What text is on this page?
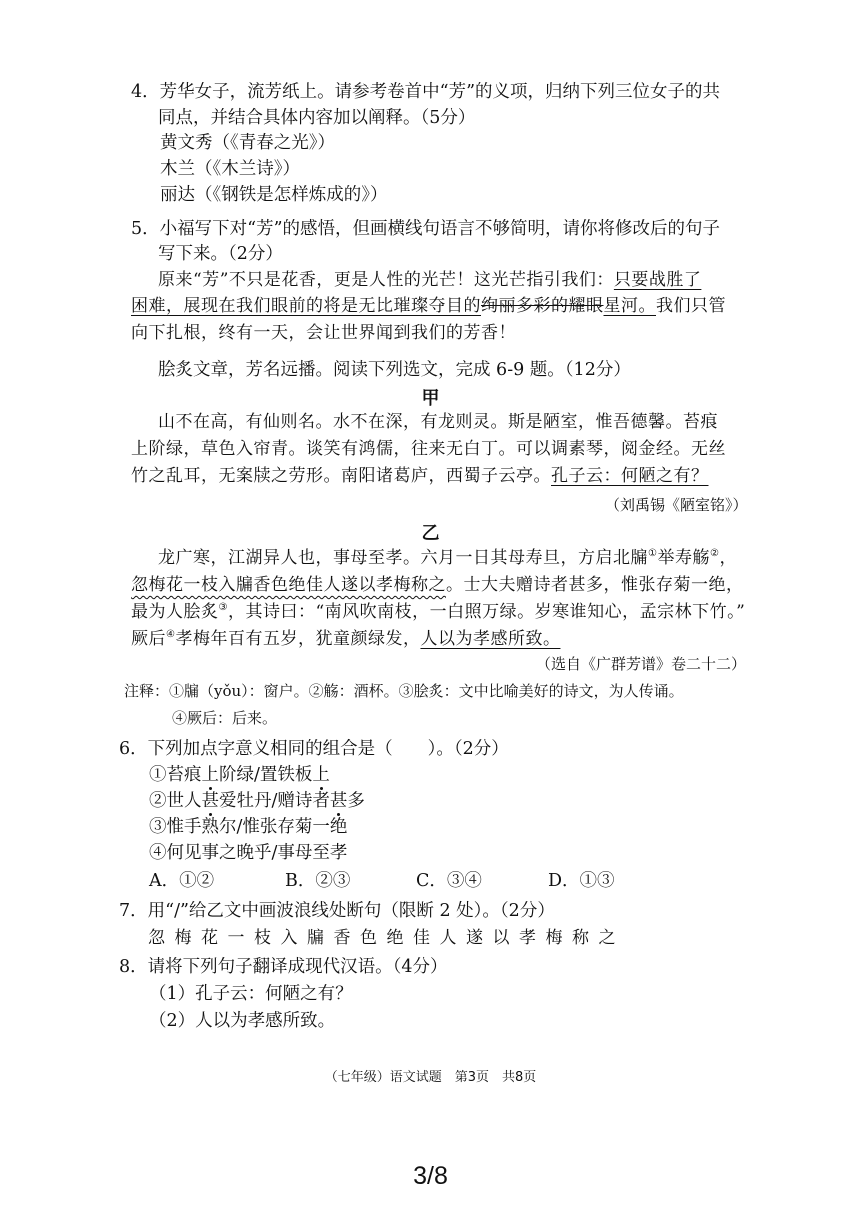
4．芳华女子，流芳纸上。请参考卷首中“芳”的义项，归纳下列三位女子的共
同点，并结合具体内容加以阐释。（5分）
黄文秀（《青春之光》）
木兰（《木兰诗》）
丽达（《钢铁是怎样炼成的》）
5．小福写下对“芳”的感悟，但画横线句语言不够简明，请你将修改后的句子
写下来。（2分）
原来“芳”不只是花香，更是人性的光芒！这光芒指引我们：只要战胜了
困难，展现在我们眼前的将是无比璀璨夺目的绚丽多彩的耀眼星河。我们只管
向下扎根，终有一天，会让世界闻到我们的芳香！
脍炙文章，芳名远播。阅读下列选文，完成 6-9 题。（12分）
甲
山不在高，有仙则名。水不在深，有龙则灵。斯是陋室，惟吾德馨。苔痕
上阶绿，草色入帘青。谈笑有鸿儒，往来无白丁。可以调素琴，阅金经。无丝
竹之乱耳，无案牍之劳形。南阳诸葛庐，西蜀子云亭。孔子云：何陋之有？
（刘禹锡《陋室铭》）
乙
龙广寒，江湖异人也，事母至孝。六月一日其母寿旦，方启北牖①举寿觞②，
忽梅花一枝入牖香色绝佳人遂以孝梅称之。士大夫赠诗者甚多，惟张存菊一绝，
最为人脍炙③，其诗曰：“南风吹南枝，一白照万绿。岁寒谁知心，孟宗林下竹。”
厥后④孝梅年百有五岁，犹童颜绿发，人以为孝感所致。
（选自《广群芳谱》卷二十二）
注释：①牖（yǒu）：窗户。②觞：酒杯。③脍炙：文中比喻美好的诗文，为人传诵。
④厥后：后来。
6．下列加点字意义相同的组合是（　　）。（2分）
①苔痕上阶绿/置铁板上
②世人甚爱牡丹/赠诗者甚多
③惟手熟尔/惟张存菊一绝
④何见事之晚乎/事母至孝
A．①②	B．②③	C．③④	D．①③
7．用“/”给乙文中画波浪线处断句（限断 2 处）。（2分）
忽梅花一枝入牖香色绝佳人遂以孝梅称之
8．请将下列句子翻译成现代汉语。（4分）
（1）孔子云：何陋之有？
（2）人以为孝感所致。
（七年级）语文试题　第3页　共8页
3/8
